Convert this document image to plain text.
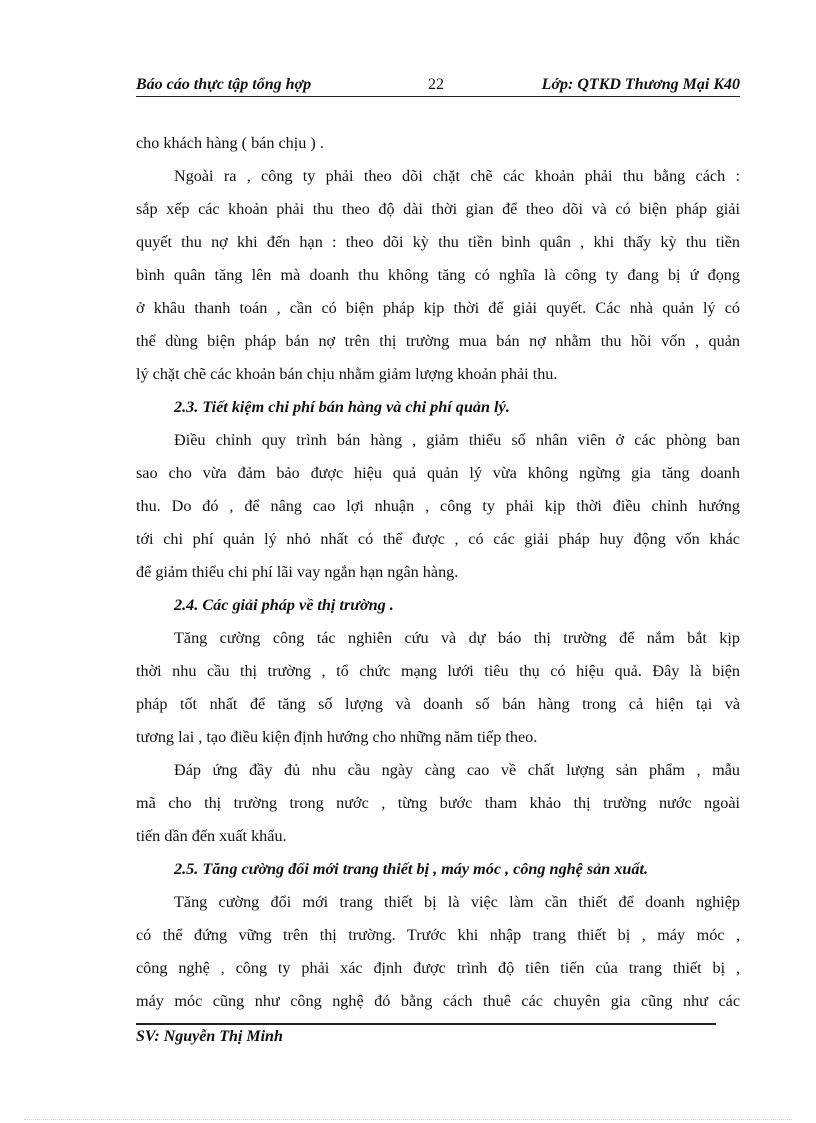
Báo cáo thực tập tổng hợp	22	Lớp: QTKD Thương Mại K40
cho khách hàng ( bán chịu ) .
Ngoài ra , công ty phải theo dõi chặt chẽ các khoản phải thu bằng cách :
sắp xếp các khoản phải thu theo độ dài thời gian để theo dõi và có biện pháp giải
quyết thu nợ khi đến hạn : theo dõi kỳ thu tiền bình quân , khi thấy kỳ thu tiền
bình quân tăng lên mà doanh thu không tăng có nghĩa là công ty đang bị ứ đọng
ở khâu thanh toán , cần có biện pháp kịp thời để giải quyết. Các nhà quản lý có
thể dùng biện pháp bán nợ trên thị trường mua bán nợ nhằm thu hồi vốn , quản
lý chặt chẽ các khoản bán chịu nhằm giảm lượng khoản phải thu.
2.3. Tiết kiệm chi phí bán hàng và chi phí quản lý.
Điều chỉnh quy trình bán hàng , giảm thiểu số nhân viên ở các phòng ban
sao cho vừa đảm bảo được hiệu quả quản lý vừa không ngừng gia tăng doanh
thu. Do đó , để nâng cao lợi nhuận , công ty phải kịp thời điều chỉnh hướng
tới chi phí quản lý nhỏ nhất có thể được , có các giải pháp huy động vốn khác
để giảm thiểu chi phí lãi vay ngắn hạn ngân hàng.
2.4. Các giải pháp về thị trường .
Tăng cường công tác nghiên cứu và dự báo thị trường để nắm bắt kịp
thời nhu cầu thị trường , tổ chức mạng lưới tiêu thụ có hiệu quả. Đây là biện
pháp tốt nhất để tăng số lượng và doanh số bán hàng trong cả hiện tại và
tương lai , tạo điều kiện định hướng cho những năm tiếp theo.
Đáp ứng đầy đủ nhu cầu ngày càng cao về chất lượng sản phẩm , mẫu
mã cho thị trường trong nước , từng bước tham khảo thị trường nước ngoài
tiến dần đến xuất khẩu.
2.5. Tăng cường đổi mới trang thiết bị , máy móc , công nghệ sản xuất.
Tăng cường đổi mới trang thiết bị là việc làm cần thiết để doanh nghiệp
có thể đứng vững trên thị trường. Trước khi nhập trang thiết bị , máy móc ,
công nghệ , công ty phải xác định được trình độ tiên tiến của trang thiết bị ,
máy móc cũng như công nghệ đó bằng cách thuê các chuyên gia cũng như các
SV: Nguyễn Thị Minh
